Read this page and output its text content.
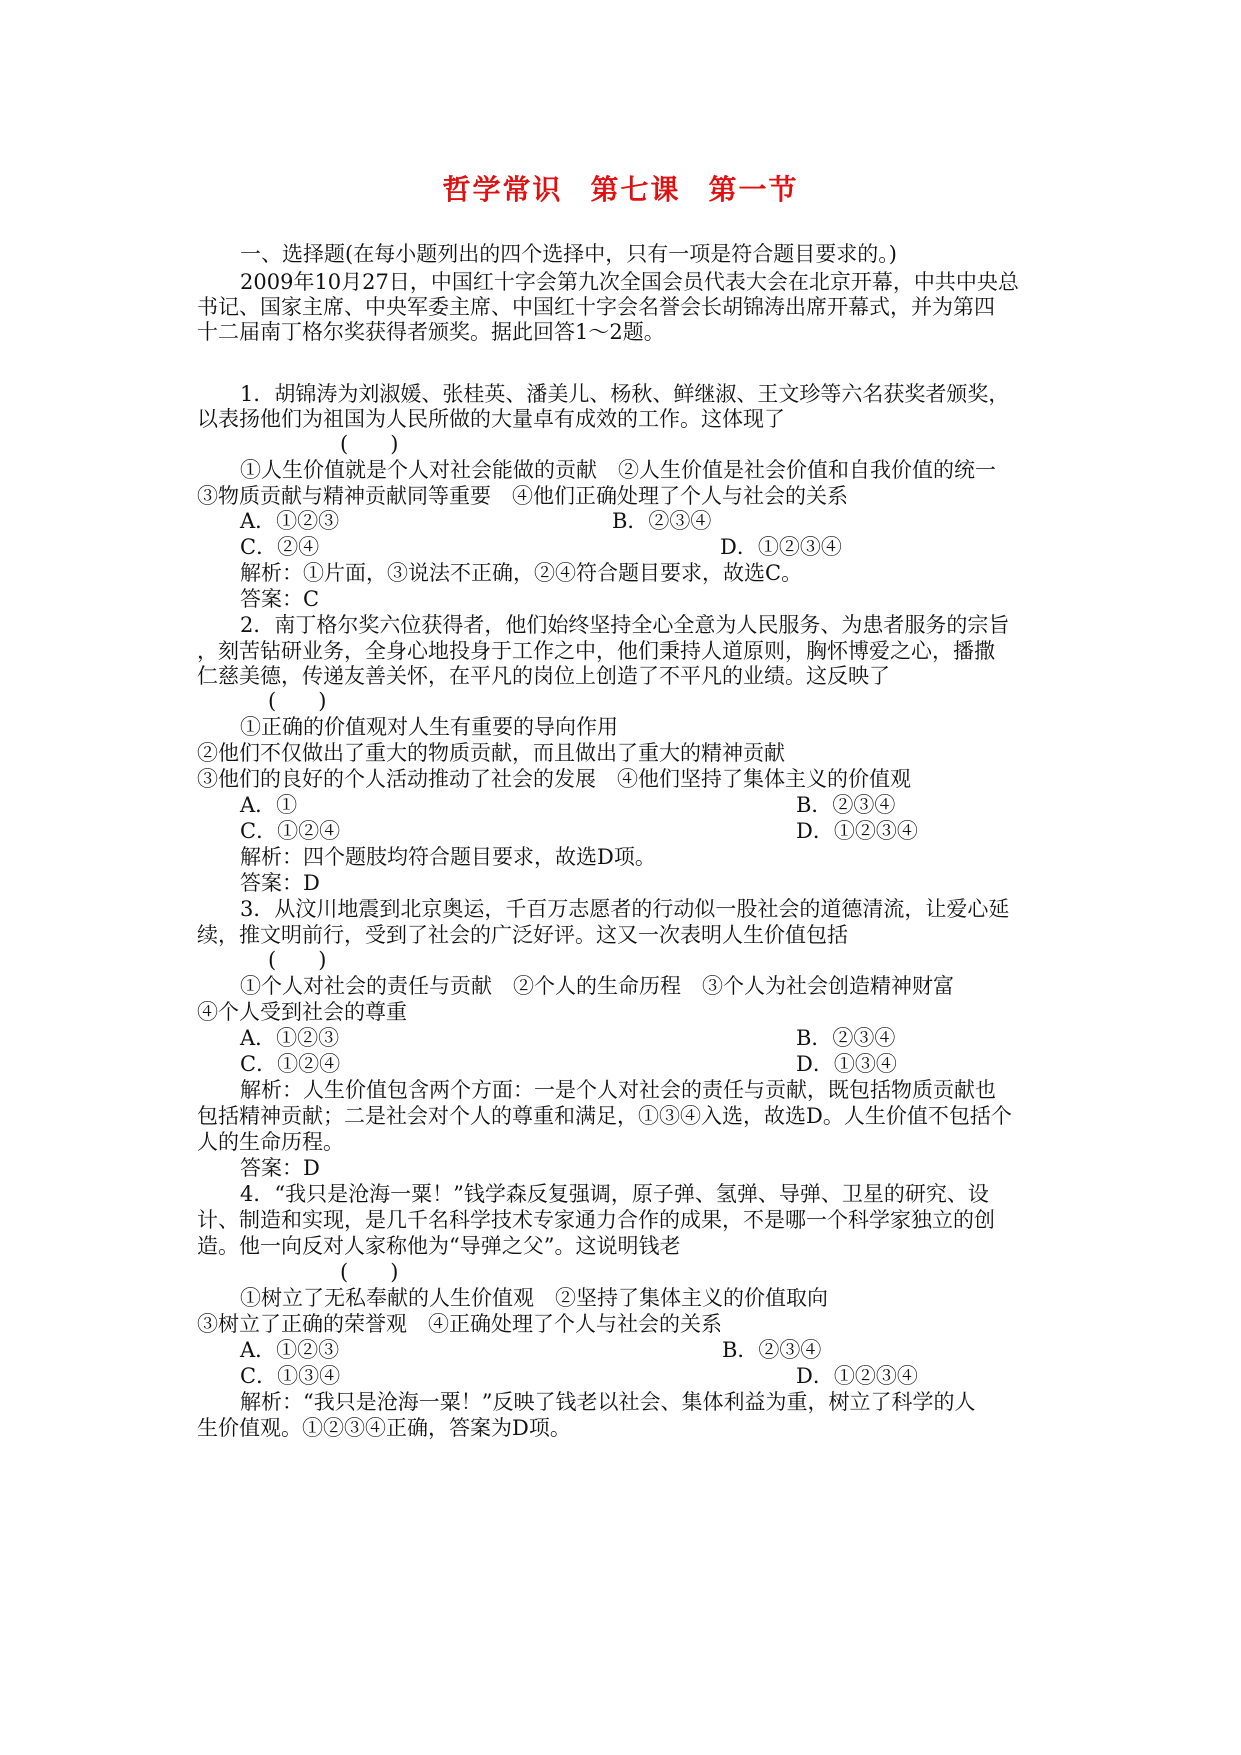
哲学常识 第七课 第一节
一、选择题(在每小题列出的四个选择中，只有一项是符合题目要求的。)
2009年10月27日，中国红十字会第九次全国会员代表大会在北京开幕，中共中央总
书记、国家主席、中央军委主席、中国红十字会名誉会长胡锦涛出席开幕式，并为第四
十二届南丁格尔奖获得者颁奖。据此回答1～2题。
1．胡锦涛为刘淑媛、张桂英、潘美儿、杨秋、鲜继淑、王文珍等六名获奖者颁奖，
以表扬他们为祖国为人民所做的大量卓有成效的工作。这体现了
(　　)
①人生价值就是个人对社会能做的贡献　②人生价值是社会价值和自我价值的统一
③物质贡献与精神贡献同等重要　④他们正确处理了个人与社会的关系
A．①②③	B．②③④
C．②④	D．①②③④
解析：①片面，③说法不正确，②④符合题目要求，故选C。
答案：C
2．南丁格尔奖六位获得者，他们始终坚持全心全意为人民服务、为患者服务的宗旨
，刻苦钻研业务，全身心地投身于工作之中，他们秉持人道原则，胸怀博爱之心，播撒
仁慈美德，传递友善关怀，在平凡的岗位上创造了不平凡的业绩。这反映了
(　　)
①正确的价值观对人生有重要的导向作用
②他们不仅做出了重大的物质贡献，而且做出了重大的精神贡献
③他们的良好的个人活动推动了社会的发展　④他们坚持了集体主义的价值观
A．①	B．②③④
C．①②④	D．①②③④
解析：四个题肢均符合题目要求，故选D项。
答案：D
3．从汶川地震到北京奥运，千百万志愿者的行动似一股社会的道德清流，让爱心延
续，推文明前行，受到了社会的广泛好评。这又一次表明人生价值包括
(　　)
①个人对社会的责任与贡献　②个人的生命历程　③个人为社会创造精神财富
④个人受到社会的尊重
A．①②③	B．②③④
C．①②④	D．①③④
解析：人生价值包含两个方面：一是个人对社会的责任与贡献，既包括物质贡献也
包括精神贡献；二是社会对个人的尊重和满足，①③④入选，故选D。人生价值不包括个
人的生命历程。
答案：D
4．“我只是沧海一粟！”钱学森反复强调，原子弹、氢弹、导弹、卫星的研究、设
计、制造和实现，是几千名科学技术专家通力合作的成果，不是哪一个科学家独立的创
造。他一向反对人家称他为“导弹之父”。这说明钱老
(　　)
①树立了无私奉献的人生价值观　②坚持了集体主义的价值取向
③树立了正确的荣誉观　④正确处理了个人与社会的关系
A．①②③	B．②③④
C．①③④	D．①②③④
解析：“我只是沧海一粟！”反映了钱老以社会、集体利益为重，树立了科学的人
生价值观。①②③④正确，答案为D项。
